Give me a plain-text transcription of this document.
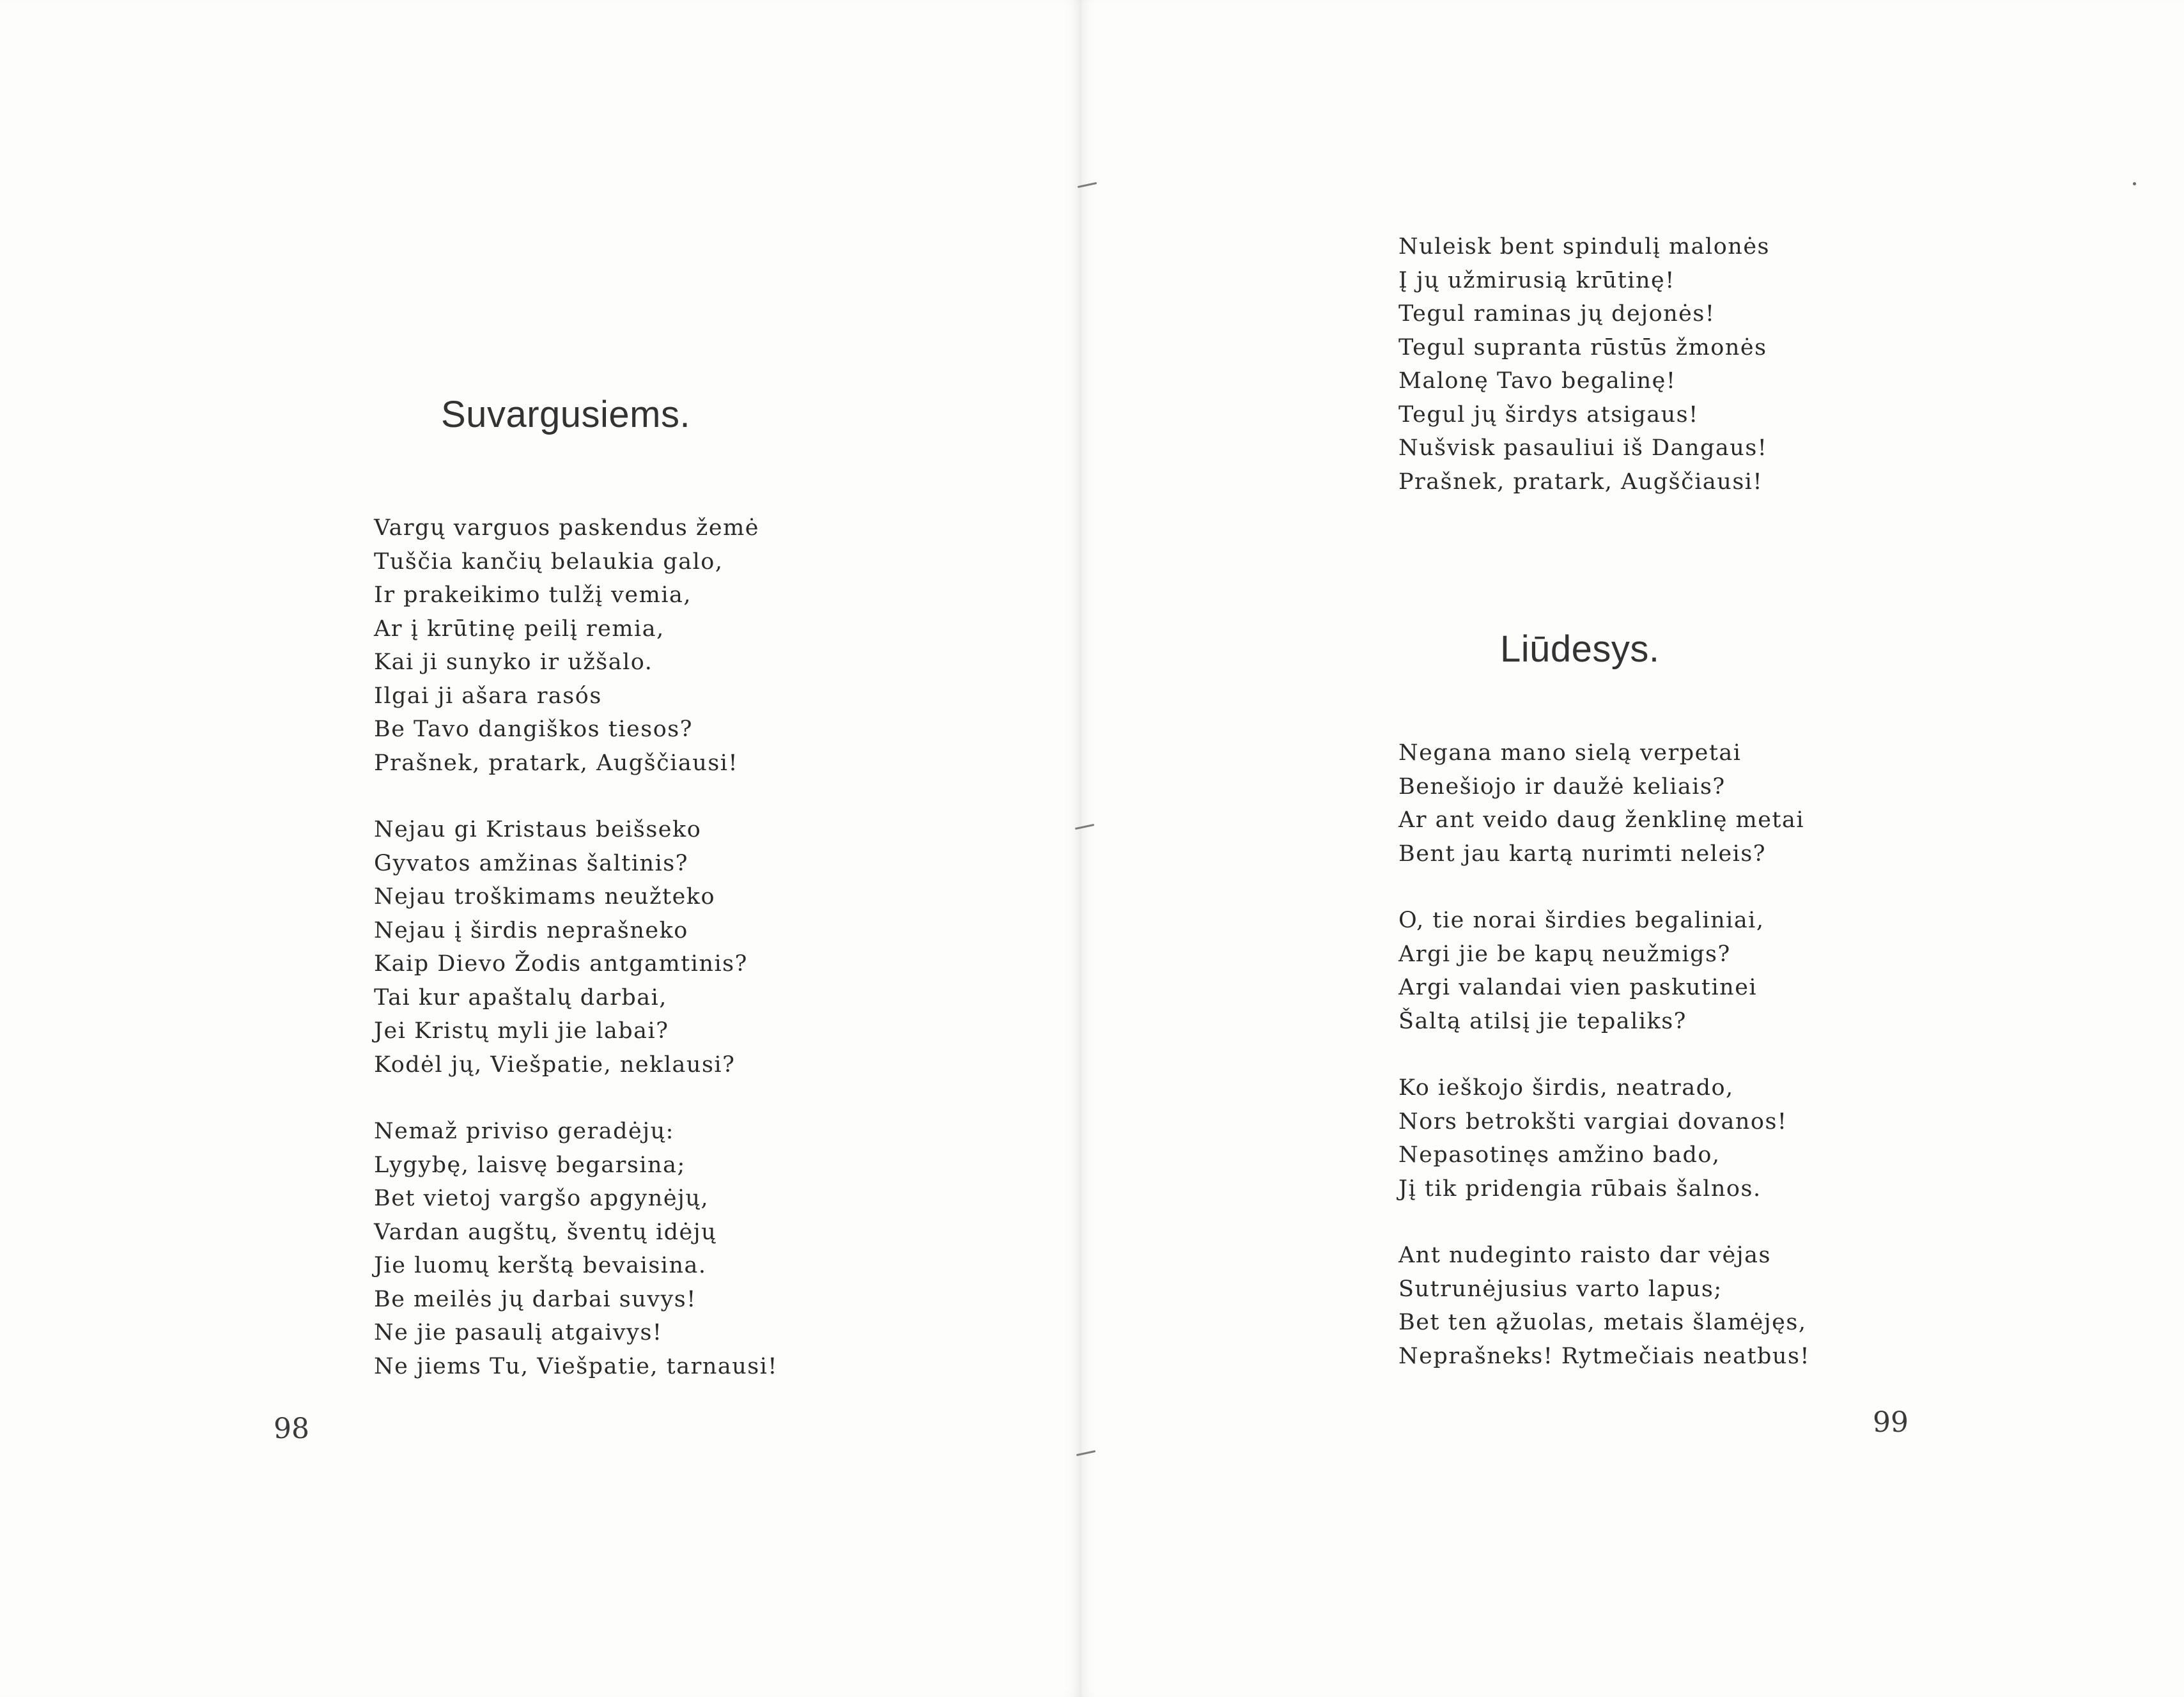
Suvargusiems.
Vargų varguos paskendus žemė
Tuščia kančių belaukia galo,
Ir prakeikimo tulžį vemia,
Ar į krūtinę peilį remia,
Kai ji sunyko ir užšalo.
Ilgai ji ašara rasós
Be Tavo dangiškos tiesos?
Prašnek, pratark, Augščiausi!
Nejau gi Kristaus beišseko
Gyvatos amžinas šaltinis?
Nejau troškimams neužteko
Nejau į širdis neprašneko
Kaip Dievo Žodis antgamtinis?
Tai kur apaštalų darbai,
Jei Kristų myli jie labai?
Kodėl jų, Viešpatie, neklausi?
Nemaž priviso geradėjų:
Lygybę, laisvę begarsina;
Bet vietoj vargšo apgynėjų,
Vardan augštų, šventų idėjų
Jie luomų kerštą bevaisina.
Be meilės jų darbai suvys!
Ne jie pasaulį atgaivys!
Ne jiems Tu, Viešpatie, tarnausi!
98
Nuleisk bent spindulį malonės
Į jų užmirusią krūtinę!
Tegul raminas jų dejonės!
Tegul supranta rūstūs žmonės
Malonę Tavo begalinę!
Tegul jų širdys atsigaus!
Nušvisk pasauliui iš Dangaus!
Prašnek, pratark, Augščiausi!
Liūdesys.
Negana mano sielą verpetai
Benešiojo ir daužė keliais?
Ar ant veido daug ženklinę metai
Bent jau kartą nurimti neleis?
O, tie norai širdies begaliniai,
Argi jie be kapų neužmigs?
Argi valandai vien paskutinei
Šaltą atilsį jie tepaliks?
Ko ieškojo širdis, neatrado,
Nors betrokšti vargiai dovanos!
Nepasotinęs amžino bado,
Jį tik pridengia rūbais šalnos.
Ant nudeginto raisto dar vėjas
Sutrunėjusius varto lapus;
Bet ten ąžuolas, metais šlamėjęs,
Neprašneks! Rytmečiais neatbus!
99
